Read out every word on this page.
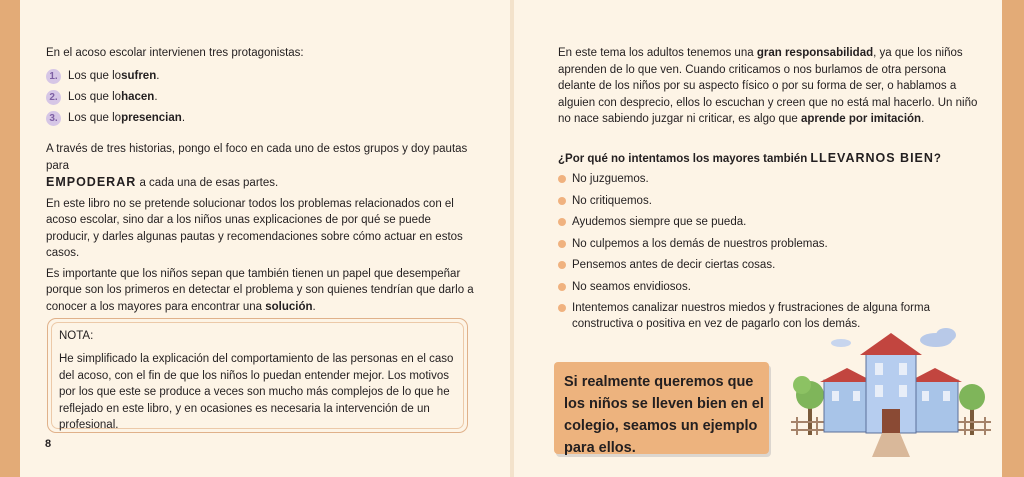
En el acoso escolar intervienen tres protagonistas:

1. Los que lo sufren .
2. Los que lo hacen .
3. Los que lo presencian .

A través de tres historias, pongo el foco en cada uno de estos grupos y doy pautas para
EMPODERAR a cada una de esas partes.

En este libro no se pretende solucionar todos los problemas relacionados con el acoso escolar, sino dar a los niños unas explicaciones de por qué se puede producir, y darles algunas pautas y recomendaciones sobre cómo actuar en estos casos.

Es importante que los niños sepan que también tienen un papel que desempeñar porque son los primeros en detectar el problema y son quienes tendrían que darlo a conocer a los mayores para encontrar una solución.

NOTA:
He simplificado la explicación del comportamiento de las personas en el caso del acoso, con el fin de que los niños lo puedan entender mejor. Los motivos por los que este se produce a veces son mucho más complejos de lo que he reflejado en este libro, y en ocasiones es necesaria la intervención de un profesional.
8

En este tema los adultos tenemos una gran responsabilidad, ya que los niños aprenden de lo que ven. Cuando criticamos o nos burlamos de otra persona delante de los niños por su aspecto físico o por su forma de ser, o hablamos a alguien con desprecio, ellos lo escuchan y creen que no está mal hacerlo. Un niño no nace sabiendo juzgar ni criticar, es algo que aprende por imitación.

¿Por qué no intentamos los mayores también LLEVARNOS BIEN?
No juzguemos.
No critiquemos.
Ayudemos siempre que se pueda.
No culpemos a los demás de nuestros problemas.
Pensemos antes de decir ciertas cosas.
No seamos envidiosos.
Intentemos canalizar nuestros miedos y frustraciones de alguna forma constructiva o positiva en vez de pagarlo con los demás.
Si realmente queremos que los niños se lleven bien en el colegio, seamos un ejemplo para ellos.
